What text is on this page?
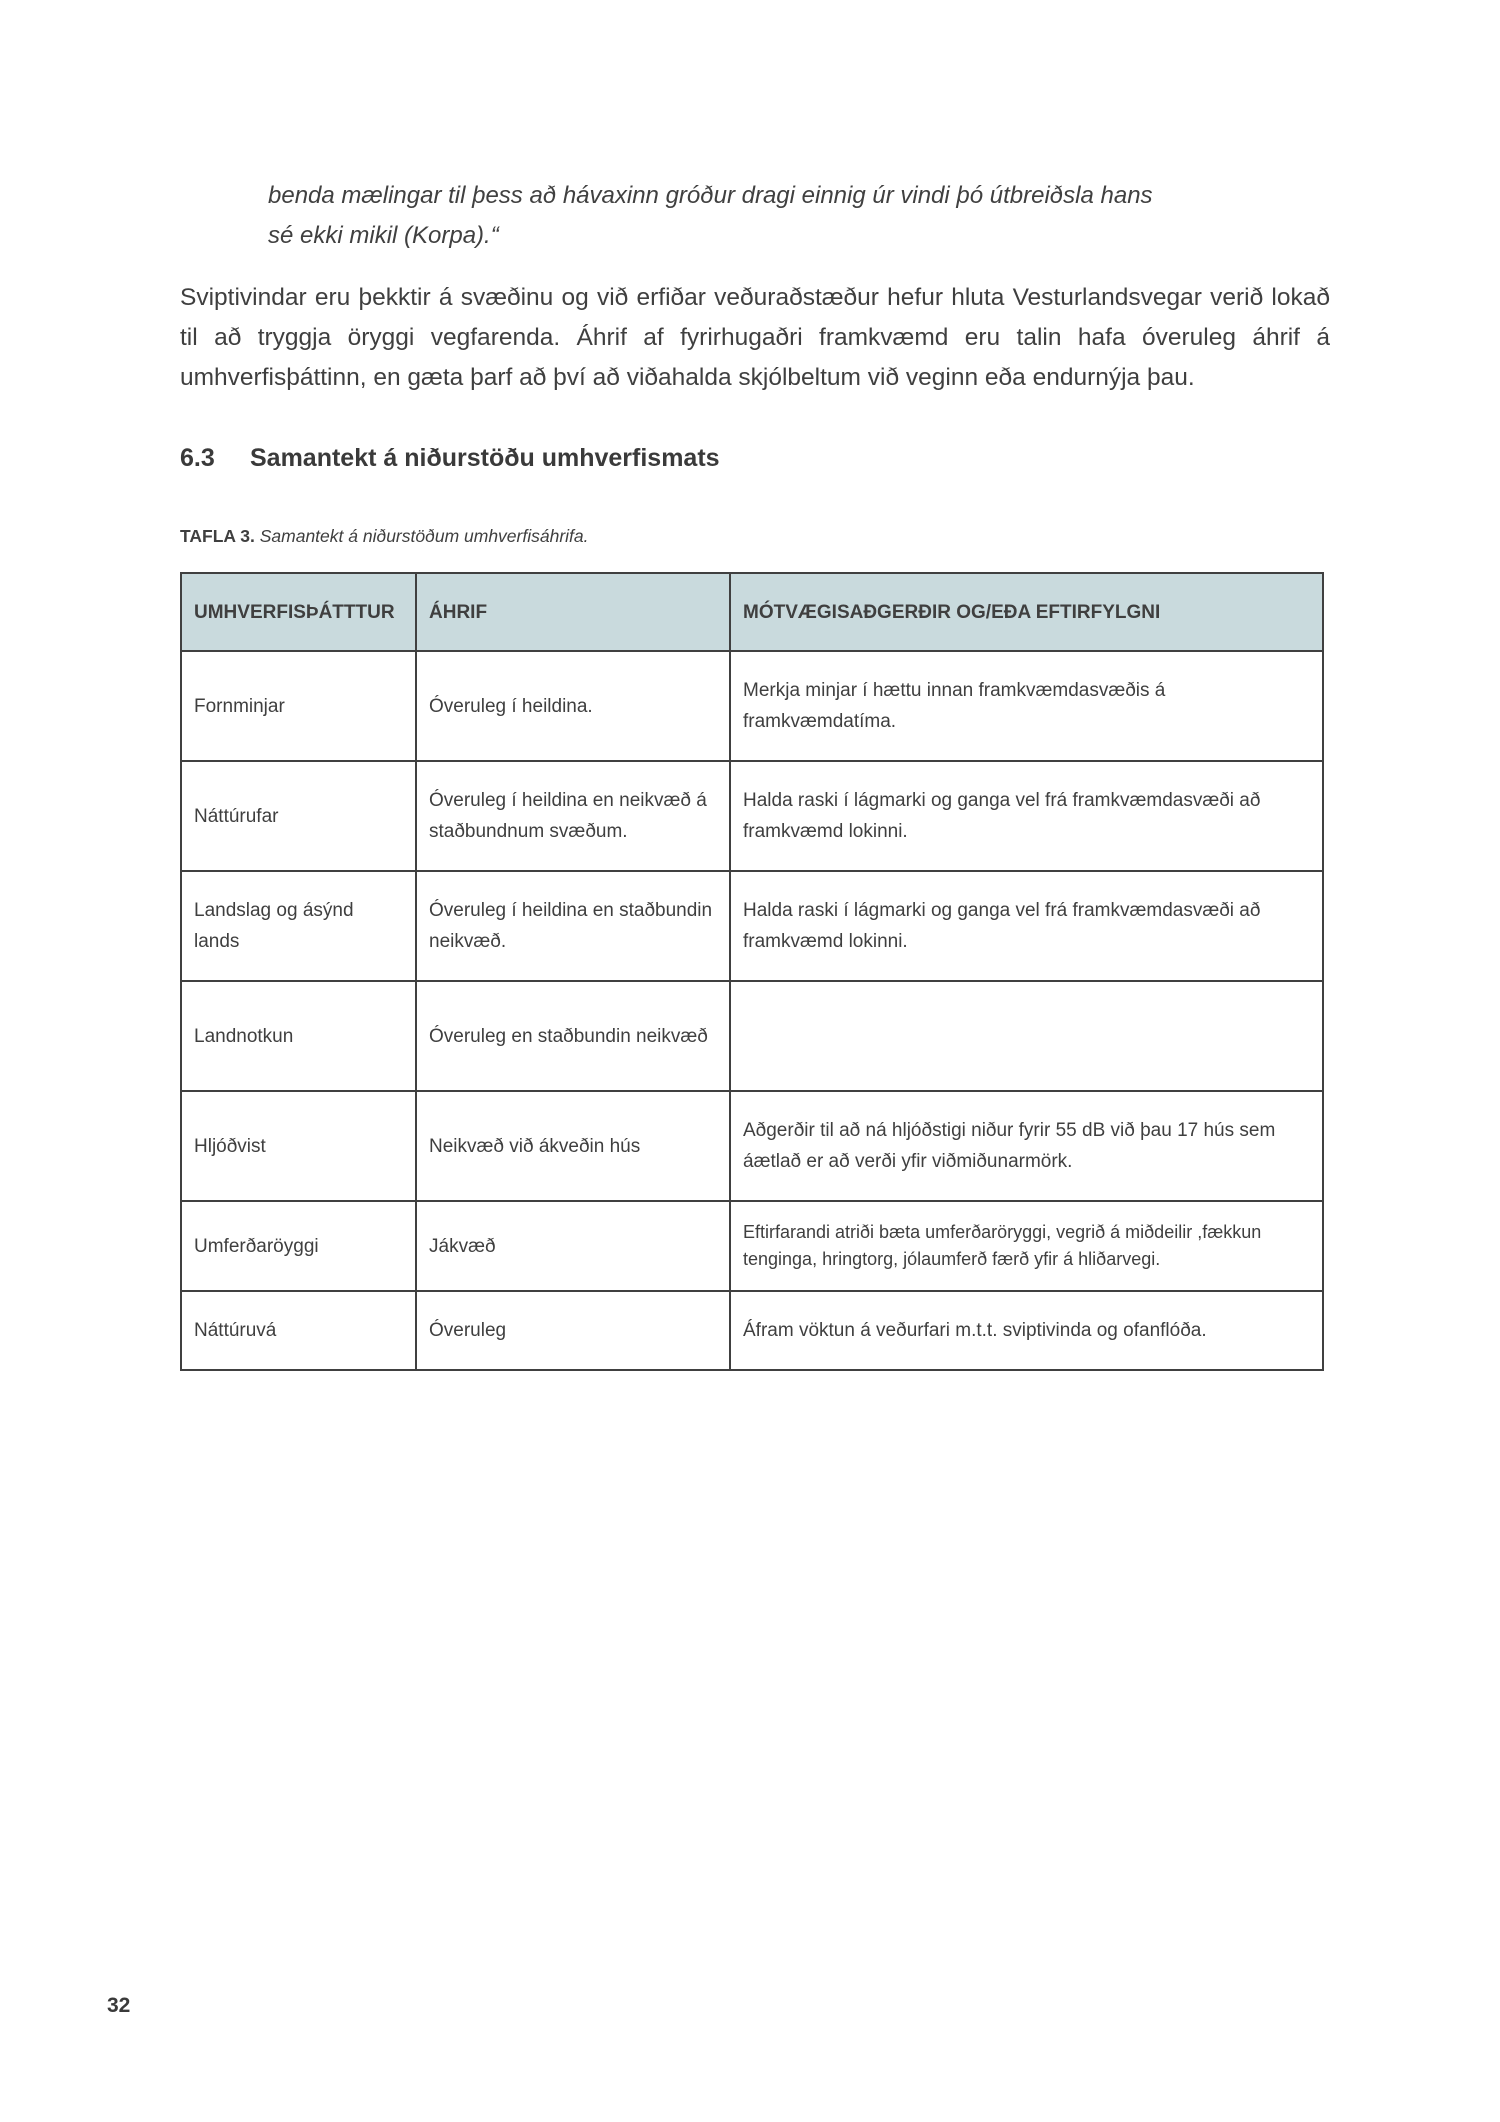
benda mælingar til þess að hávaxinn gróður dragi einnig úr vindi þó útbreiðsla hans

sé ekki mikil (Korpa).“

Sviptivindar eru þekktir á svæðinu og við erfiðar veðuraðstæður hefur hluta Vesturlandsvegar verið lokað til að tryggja öryggi vegfarenda. Áhrif af fyrirhugaðri framkvæmd eru talin hafa óveruleg áhrif á umhverfisþáttinn, en gæta þarf að því að viðahalda skjólbeltum við veginn eða endurnýja þau.

6.3 Samantekt á niðurstöðu umhverfismats

TAFLA 3. Samantekt á niðurstöðum umhverfisáhrifa.

UMHVERFISÞÁTTTUR	ÁHRIF	MÓTVÆGISAÐGERÐIR OG/EÐA EFTIRFYLGNI
Fornminjar	Óveruleg í heildina.	Merkja minjar í hættu innan framkvæmdasvæðis á framkvæmdatíma.
Náttúrufar	Óveruleg í heildina en neikvæð á staðbundnum svæðum.	Halda raski í lágmarki og ganga vel frá framkvæmdasvæði að framkvæmd lokinni.
Landslag og ásýnd lands	Óveruleg í heildina en staðbundin neikvæð.	Halda raski í lágmarki og ganga vel frá framkvæmdasvæði að framkvæmd lokinni.
Landnotkun	Óveruleg en staðbundin neikvæð	
Hljóðvist	Neikvæð við ákveðin hús	Aðgerðir til að ná hljóðstigi niður fyrir 55 dB við þau 17 hús sem áætlað er að verði yfir viðmiðunarmörk.
Umferðaröyggi	Jákvæð	Eftirfarandi atriði bæta umferðaröryggi, vegrið á miðdeilir ,fækkun tenginga, hringtorg, jólaumferð færð yfir á hliðarvegi.
Náttúruvá	Óveruleg	Áfram vöktun á veðurfari m.t.t. sviptivinda og ofanflóða.
32
